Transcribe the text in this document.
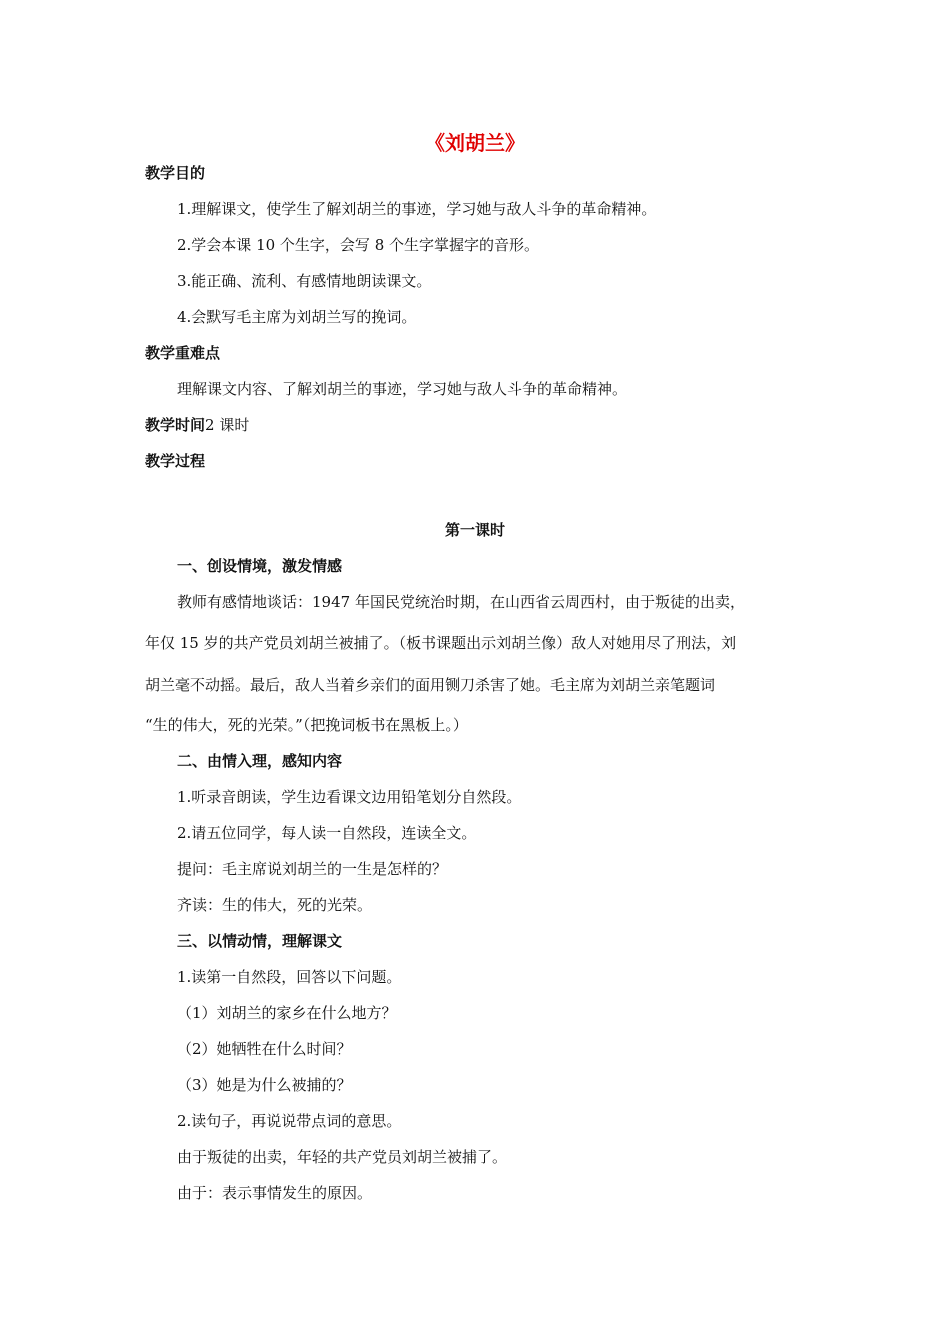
《刘胡兰》
教学目的
1.理解课文，使学生了解刘胡兰的事迹，学习她与敌人斗争的革命精神。
2.学会本课 10 个生字，会写 8 个生字掌握字的音形。
3.能正确、流利、有感情地朗读课文。
4.会默写毛主席为刘胡兰写的挽词。
教学重难点
理解课文内容、了解刘胡兰的事迹，学习她与敌人斗争的革命精神。
教学时间2 课时
教学过程
第一课时
一、创设情境，激发情感
教师有感情地谈话：1947 年国民党统治时期，在山西省云周西村，由于叛徒的出卖，
年仅 15 岁的共产党员刘胡兰被捕了。（板书课题出示刘胡兰像）敌人对她用尽了刑法，刘
胡兰毫不动摇。最后，敌人当着乡亲们的面用铡刀杀害了她。毛主席为刘胡兰亲笔题词
“生的伟大，死的光荣。”（把挽词板书在黑板上。）
二、由情入理，感知内容
1.听录音朗读，学生边看课文边用铅笔划分自然段。
2.请五位同学，每人读一自然段，连读全文。
提问：毛主席说刘胡兰的一生是怎样的？
齐读：生的伟大，死的光荣。
三、以情动情，理解课文
1.读第一自然段，回答以下问题。
（1）刘胡兰的家乡在什么地方？
（2）她牺牲在什么时间？
（3）她是为什么被捕的？
2.读句子，再说说带点词的意思。
由于叛徒的出卖，年轻的共产党员刘胡兰被捕了。
由于：表示事情发生的原因。
